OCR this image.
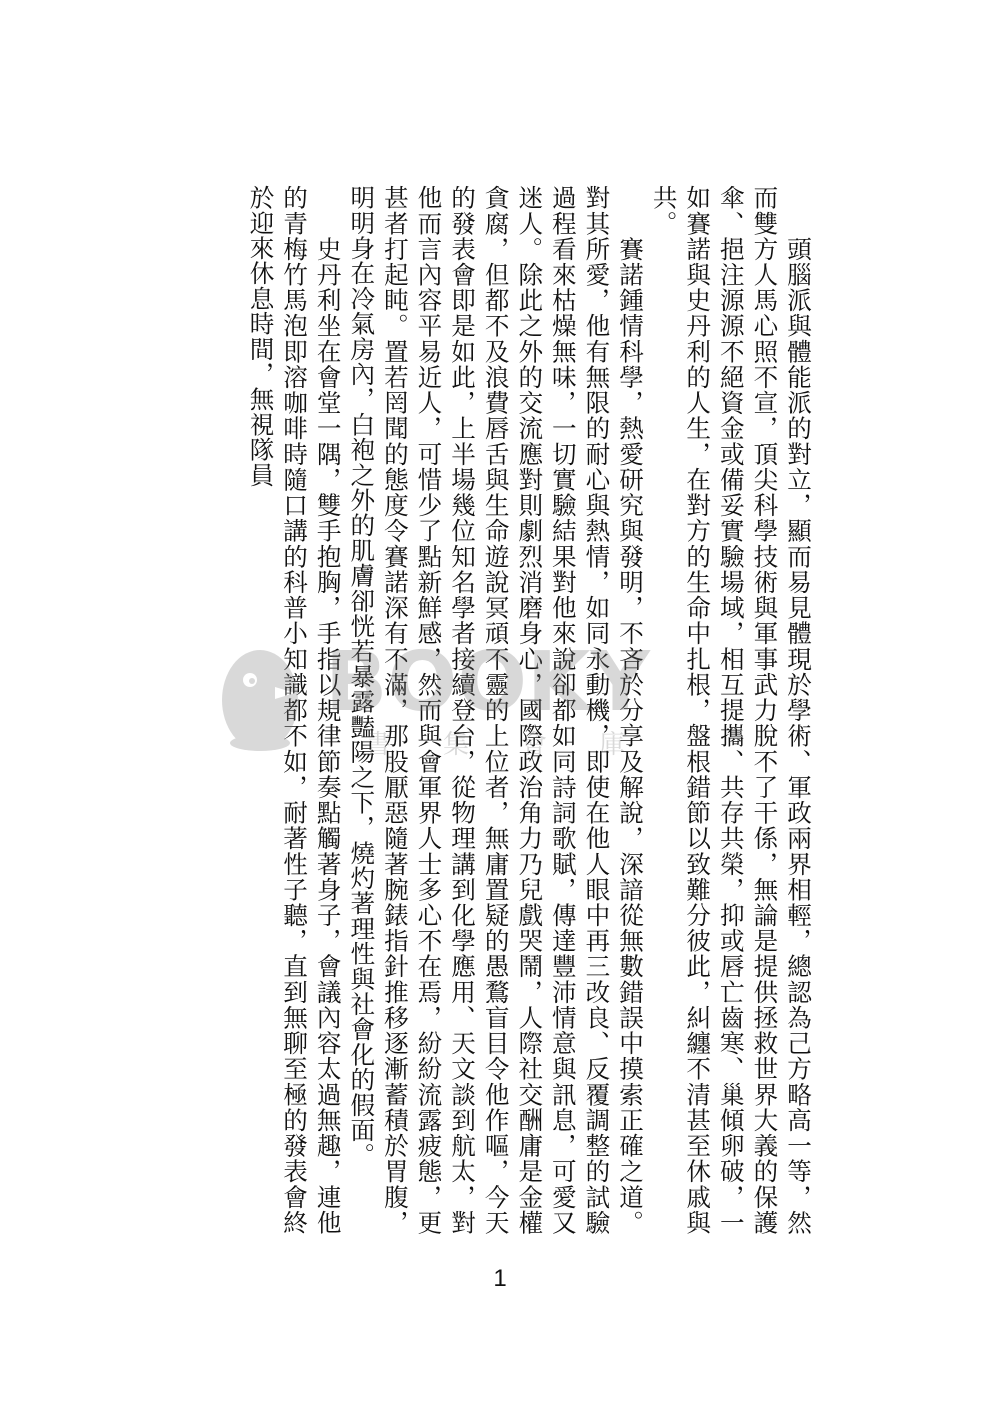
　　頭腦派與體能派的對立，顯而易見體現於學術、軍政兩界相輕，總認為己方略高一等，然而雙方人馬心照不宣，頂尖科學技術與軍事武力脫不了干係，無論是提供拯救世界大義的保護傘、挹注源源不絕資金或備妥實驗場域，相互提攜、共存共榮，抑或唇亡齒寒、巢傾卵破，一如賽諾與史丹利的人生，在對方的生命中扎根，盤根錯節以致難分彼此，糾纏不清甚至休戚與共。

　　賽諾鍾情科學，熱愛研究與發明，不吝於分享及解說，深諳從無數錯誤中摸索正確之道。對其所愛，他有無限的耐心與熱情，如同永動機，即使在他人眼中再三改良、反覆調整的試驗過程看來枯燥無味，一切實驗結果對他來說卻都如同詩詞歌賦，傳達豐沛情意與訊息，可愛又迷人。除此之外的交流應對則劇烈消磨身心，國際政治角力乃兒戲哭鬧，人際社交酬庸是金權貪腐，但都不及浪費唇舌與生命遊說冥頑不靈的上位者，無庸置疑的愚鶩盲目令他作嘔，今天的發表會即是如此，上半場幾位知名學者接續登台，從物理講到化學應用、天文談到航太，對他而言內容平易近人，可惜少了點新鮮感，然而與會軍界人士多心不在焉，紛紛流露疲態，更甚者打起盹。置若罔聞的態度令賽諾深有不滿，那股厭惡隨著腕錶指針推移逐漸蓄積於胃腹，明明身在冷氣房內，白袍之外的肌膚卻恍若暴露豔陽之下，燒灼著理性與社會化的假面。

　　史丹利坐在會堂一隅，雙手抱胸，手指以規律節奏點觸著身子，會議內容太過無趣，連他的青梅竹馬泡即溶咖啡時隨口講的科普小知識都不如，耐著性子聽，直到無聊至極的發表會終於迎來休息時間，無視隊員

BOOKY
書　　集　　會　　庫
1
